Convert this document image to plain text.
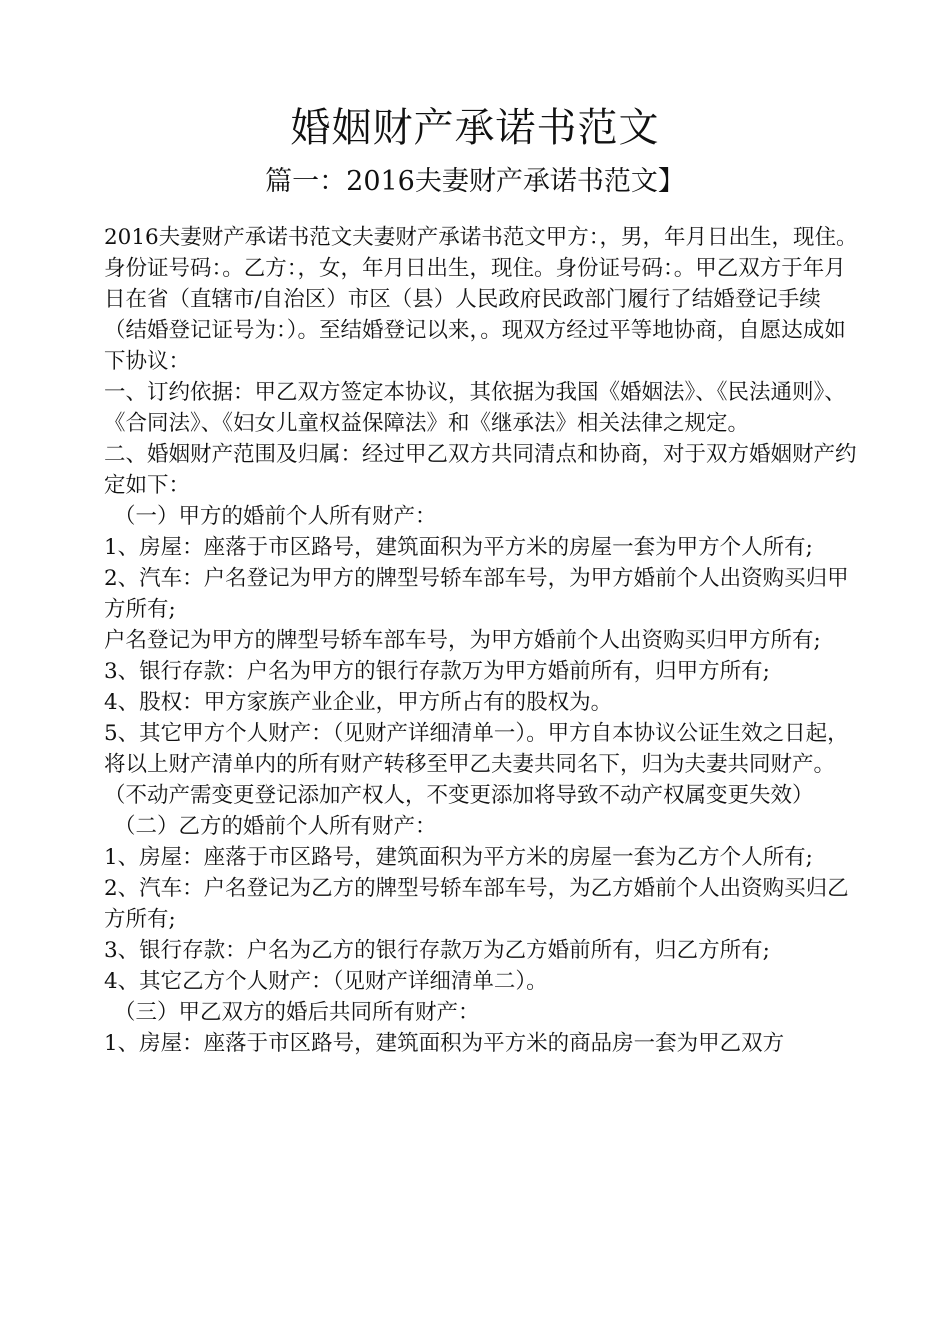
婚姻财产承诺书范文
篇一：2016夫妻财产承诺书范文】

2016夫妻财产承诺书范文夫妻财产承诺书范文甲方：，男，年月日出生，现住。身份证号码：。乙方：，女，年月日出生，现住。身份证号码：。甲乙双方于年月日在省（直辖市/自治区）市区（县）人民政府民政部门履行了结婚登记手续（结婚登记证号为：）。至结婚登记以来，。现双方经过平等地协商，自愿达成如下协议：

一、订约依据：甲乙双方签定本协议，其依据为我国《婚姻法》、《民法通则》、《合同法》、《妇女儿童权益保障法》和《继承法》相关法律之规定。

二、婚姻财产范围及归属：经过甲乙双方共同清点和协商，对于双方婚姻财产约定如下：

（一）甲方的婚前个人所有财产：

1、房屋：座落于市区路号，建筑面积为平方米的房屋一套为甲方个人所有;

2、汽车：户名登记为甲方的牌型号轿车部车号，为甲方婚前个人出资购买归甲方所有;

户名登记为甲方的牌型号轿车部车号，为甲方婚前个人出资购买归甲方所有;

3、银行存款：户名为甲方的银行存款万为甲方婚前所有，归甲方所有;

4、股权：甲方家族产业企业，甲方所占有的股权为。

5、其它甲方个人财产：（见财产详细清单一）。甲方自本协议公证生效之日起，将以上财产清单内的所有财产转移至甲乙夫妻共同名下，归为夫妻共同财产。（不动产需变更登记添加产权人，不变更添加将导致不动产权属变更失效）

（二）乙方的婚前个人所有财产：

1、房屋：座落于市区路号，建筑面积为平方米的房屋一套为乙方个人所有;

2、汽车：户名登记为乙方的牌型号轿车部车号，为乙方婚前个人出资购买归乙方所有;

3、银行存款：户名为乙方的银行存款万为乙方婚前所有，归乙方所有;

4、其它乙方个人财产：（见财产详细清单二）。

（三）甲乙双方的婚后共同所有财产：

1、房屋：座落于市区路号，建筑面积为平方米的商品房一套为甲乙双方
